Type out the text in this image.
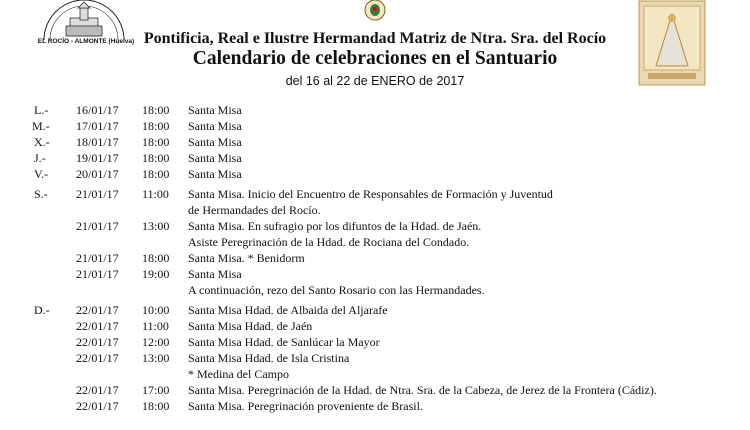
EL ROCÍO - ALMONTE (Huelva) Pontificia, Real e Ilustre Hermandad Matriz de Ntra. Sra. del Rocío
Calendario de celebraciones en el Santuario
del 16 al 22 de ENERO de 2017
L.- 16/01/17 18:00 Santa Misa
M.- 17/01/17 18:00 Santa Misa
X.- 18/01/17 18:00 Santa Misa
J.-	19/01/17 18:00 Santa Misa
V.- 20/01/17 18:00 Santa Misa
S.- 21/01/17 11:00 Santa Misa. Inicio del Encuentro de Responsables de Formación y Juventud
de Hermandades del Rocío.
21/01/17 13:00 Santa Misa. En sufragio por los difuntos de la Hdad. de Jaén.
Asiste Peregrinación de la Hdad. de Rociana del Condado.
21/01/17 18:00 Santa Misa. * Benidorm
21/01/17 19:00 Santa Misa
A continuación, rezo del Santo Rosario con las Hermandades.
D.- 22/01/17 10:00 Santa Misa Hdad. de Albaida del Aljarafe
22/01/17 11:00 Santa Misa Hdad. de Jaén
22/01/17 12:00 Santa Misa Hdad. de Sanlúcar la Mayor
22/01/17 13:00 Santa Misa Hdad. de Isla Cristina
* Medina del Campo
22/01/17 17:00 Santa Misa. Peregrinación de la Hdad. de Ntra. Sra. de la Cabeza, de Jerez de la Frontera (Cádiz).
22/01/17 18:00 Santa Misa. Peregrinación proveniente de Brasil.
